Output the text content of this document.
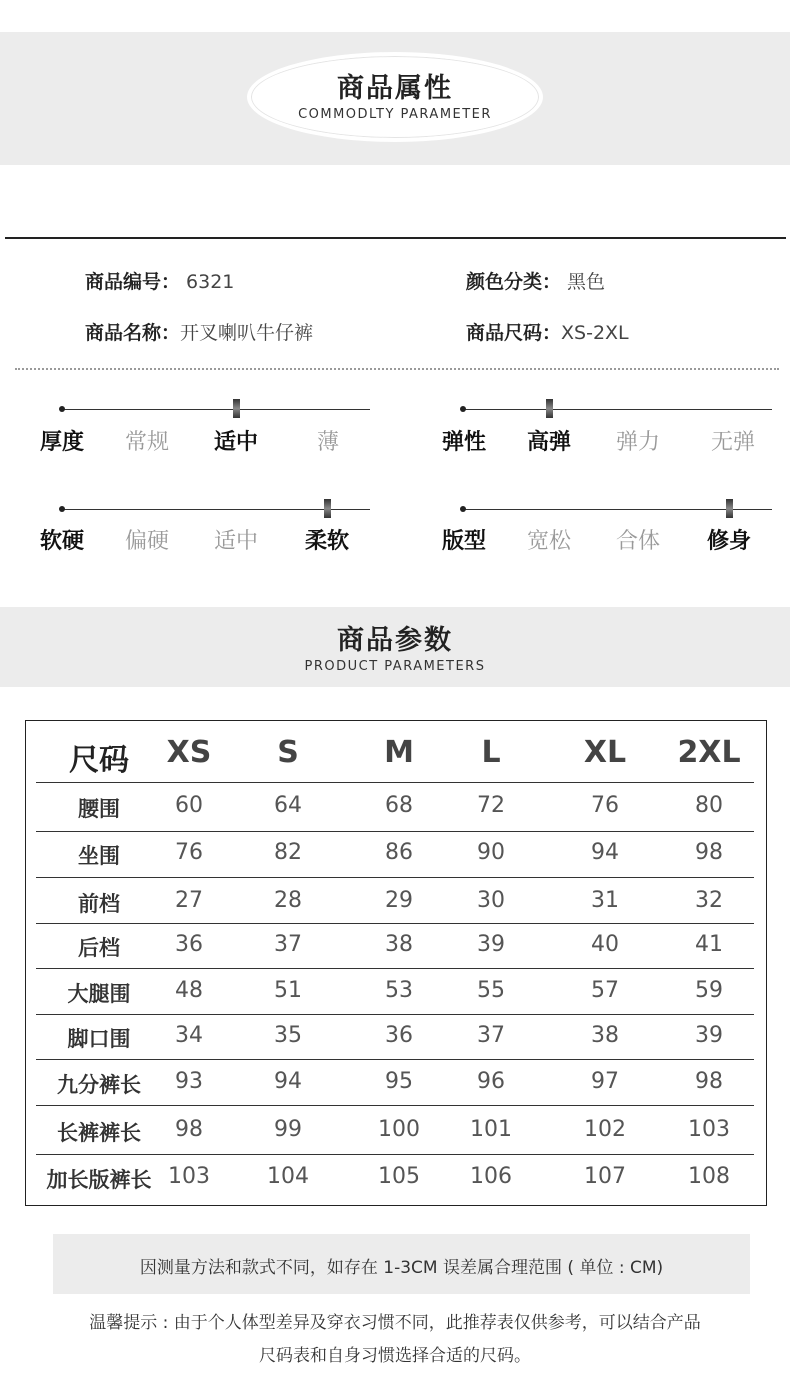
商品属性
COMMODLTY PARAMETER
商品编号： 6321	颜色分类： 黑色
商品名称：开叉喇叭牛仔裤	商品尺码：XS-2XL
厚度 常规 适中	薄	弹性 高弹 弹力 无弹
软硬 偏硬 适中 柔软	版型 宽松 合体 修身
商品参数
PRODUCT PARAMETERS
尺码	XS	S	M	L	XL	2XL
腰围	60	64	68	72	76	80
坐围	76	82	86	90	94	98
前档	27	28	29	30	31	32
后档	36	37	38	39	40	41
大腿围	48	51	53	55	57	59
脚口围	34	35	36	37	38	39
九分裤长	93	94	95	96	97	98
长裤裤长	98	99	100	101	102	103
加长版裤长 103	104	105	106	107	108
因测量方法和款式不同，如存在 1-3CM 误差属合理范围 ( 单位 : CM)
温馨提示 : 由于个人体型差异及穿衣习惯不同，此推荐表仅供参考，可以结合产品
尺码表和自身习惯选择合适的尺码。
